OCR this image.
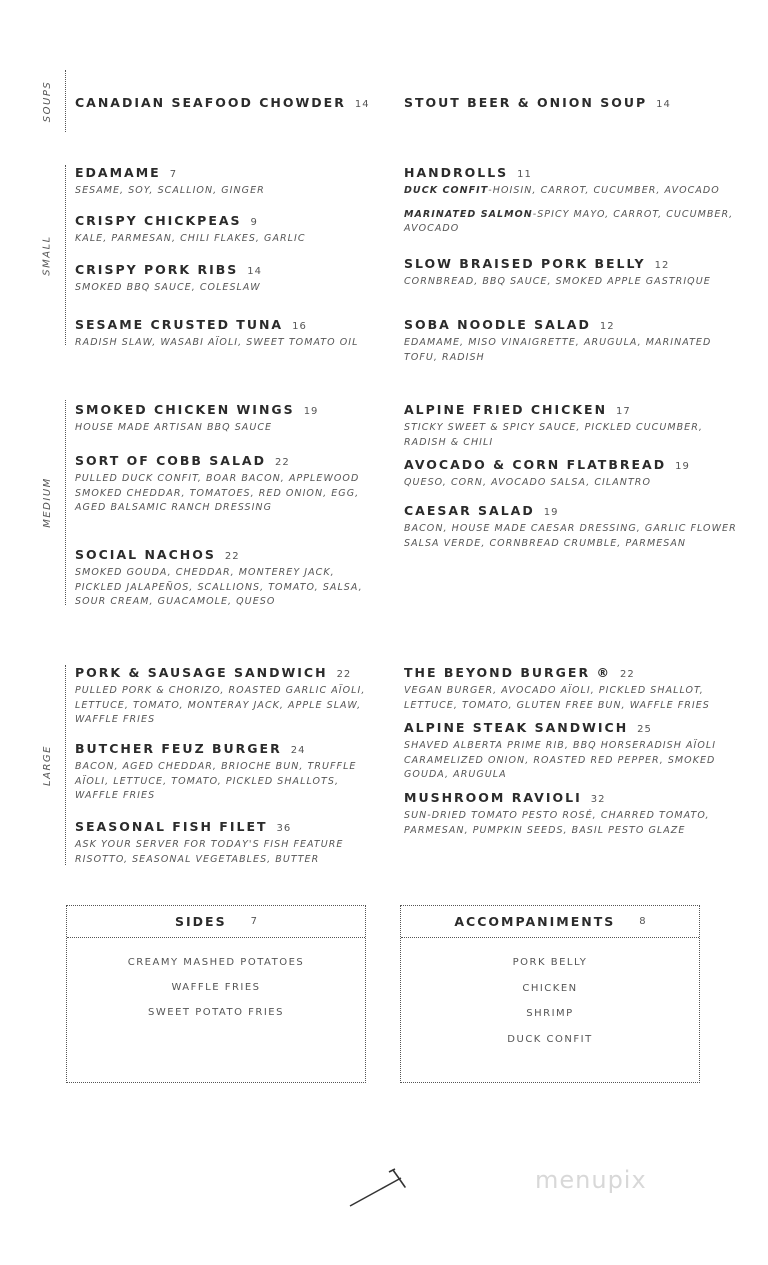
SOUPS
SMALL
MEDIUM
LARGE
CANADIAN SEAFOOD CHOWDER 14	STOUT BEER & ONION SOUP 14
EDAMAME 7
SESAME, SOY, SCALLION, GINGER
CRISPY CHICKPEAS 9
KALE, PARMESAN, CHILI FLAKES, GARLIC
CRISPY PORK RIBS 14
SMOKED BBQ SAUCE, COLESLAW
SESAME CRUSTED TUNA 16
RADISH SLAW, WASABI AÏOLI, SWEET TOMATO OIL
HANDROLLS 11
DUCK CONFIT-HOISIN, CARROT, CUCUMBER, AVOCADO
MARINATED SALMON-SPICY MAYO, CARROT, CUCUMBER, AVOCADO
SLOW BRAISED PORK BELLY 12
CORNBREAD, BBQ SAUCE, SMOKED APPLE GASTRIQUE
SOBA NOODLE SALAD 12
EDAMAME, MISO VINAIGRETTE, ARUGULA, MARINATED TOFU, RADISH
SMOKED CHICKEN WINGS 19
HOUSE MADE ARTISAN BBQ SAUCE
SORT OF COBB SALAD 22
PULLED DUCK CONFIT, BOAR BACON, APPLEWOOD SMOKED CHEDDAR, TOMATOES, RED ONION, EGG, AGED BALSAMIC RANCH DRESSING
SOCIAL NACHOS 22
SMOKED GOUDA, CHEDDAR, MONTEREY JACK, PICKLED JALAPEÑOS, SCALLIONS, TOMATO, SALSA, SOUR CREAM, GUACAMOLE, QUESO
ALPINE FRIED CHICKEN 17
STICKY SWEET & SPICY SAUCE, PICKLED CUCUMBER, RADISH & CHILI
AVOCADO & CORN FLATBREAD 19
QUESO, CORN, AVOCADO SALSA, CILANTRO
CAESAR SALAD 19
BACON, HOUSE MADE CAESAR DRESSING, GARLIC FLOWER SALSA VERDE, CORNBREAD CRUMBLE, PARMESAN
PORK & SAUSAGE SANDWICH 22
PULLED PORK & CHORIZO, ROASTED GARLIC AÏOLI, LETTUCE, TOMATO, MONTERAY JACK, APPLE SLAW, WAFFLE FRIES
BUTCHER FEUZ BURGER 24
BACON, AGED CHEDDAR, BRIOCHE BUN, TRUFFLE AÏOLI, LETTUCE, TOMATO, PICKLED SHALLOTS, WAFFLE FRIES
SEASONAL FISH FILET 36
ASK YOUR SERVER FOR TODAY'S FISH FEATURE RISOTTO, SEASONAL VEGETABLES, BUTTER
THE BEYOND BURGER ® 22
VEGAN BURGER, AVOCADO AÏOLI, PICKLED SHALLOT, LETTUCE, TOMATO, GLUTEN FREE BUN, WAFFLE FRIES
ALPINE STEAK SANDWICH 25
SHAVED ALBERTA PRIME RIB, BBQ HORSERADISH AÏOLI CARAMELIZED ONION, ROASTED RED PEPPER, SMOKED GOUDA, ARUGULA
MUSHROOM RAVIOLI 32
SUN-DRIED TOMATO PESTO ROSÉ, CHARRED TOMATO, PARMESAN, PUMPKIN SEEDS, BASIL PESTO GLAZE
SIDES 7
CREAMY MASHED POTATOES
WAFFLE FRIES
SWEET POTATO FRIES
ACCOMPANIMENTS 8
PORK BELLY
CHICKEN
SHRIMP
DUCK CONFIT
menupix
